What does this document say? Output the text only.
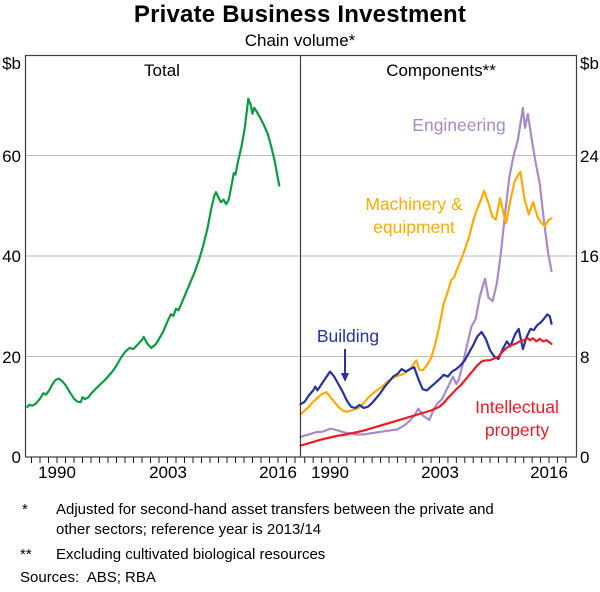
Private Business Investment
Chain volume*
$b
60
40
20
0
$b
24
16
8
0
1990	2003	2016 1990	2003	2016
Total	Components**
Engineering
Machinery &
equipment
Building
Intellectual
property
* Adjusted for second-hand asset transfers between the private and
other sectors; reference year is 2013/14
** Excluding cultivated biological resources
Sources:  ABS; RBA
